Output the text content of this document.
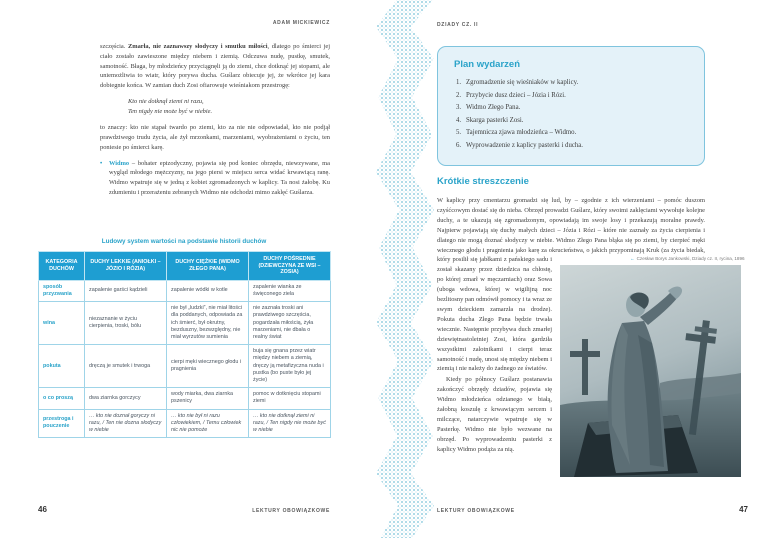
ADAM MICKIEWICZ

szczęścia. Zmarła, nie zaznawszy słodyczy i smutku miłości, dlatego po śmierci jej ciało zostało zawieszone między niebem i ziemią. Odczuwa nudę, pustkę, smutek, samotność. Błaga, by młodzieńcy przyciągnęli ją do ziemi, chce dotknąć jej stopami, ale uniemożliwia to wiatr, który porywa ducha. Guślarz obiecuje jej, że wkrótce jej kara dobiegnie końca. W zamian duch Zosi ofiarowuje wieśniakom przestrogę:

Kto nie dotknął ziemi ni razu,
Ten nigdy nie może być w niebie.

to znaczy: kto nie stąpał twardo po ziemi, kto za nie nie odpowiadał, kto nie podjął prawdziwego trudu życia, ale żył mrzonkami, marzeniami, wyobrażeniami o życiu, ten poniesie po śmierci karę.

•	Widmo – bohater epizodyczny, pojawia się pod koniec obrzędu, niewzywane, ma wygląd młodego mężczyzny, na jego piersi w miejscu serca widać krwawiącą ranę. Widmo wpatruje się w jedną z kobiet zgromadzonych w kaplicy. Ta nosi żałobę. Ku zdumieniu i przerażeniu zebranych Widmo nie odchodzi mimo zaklęć Guślarza.
Ludowy system wartości na podstawie historii duchów
KATEGORIA DUCHÓW	DUCHY LEKKIE (ANIOŁKI – JÓZIO I RÓZIA)	DUCHY CIĘŻKIE (WIDMO ZŁEGO PANA)	DUCHY POŚREDNIE (DZIEWCZYNA ZE WSI – ZOSIA)
sposób przyzwania	zapalenie garści kądzieli	zapalenie wódki w kotle	zapalenie wianka ze święconego ziela
wina	niezaznanie w życiu cierpienia, troski, bólu	nie był „ludzki”, nie miał litości dla poddanych, odpowiada za ich śmierć, był okrutny, bezduszny, bezwzględny, nie miał wyrzutów sumienia	nie zaznała troski ani prawdziwego szczęścia, pogardzała miłością, żyła marzeniami, nie dbała o realny świat
pokuta	dręczą je smutek i trwoga	cierpi męki wiecznego głodu i pragnienia	buja się gnana przez wiatr między niebem a ziemią, dręczy ją metafizyczna nuda i pustka (bo puste było jej życie)
o co proszą	dwa ziarnka gorczycy	wody miarka, dwa ziarnka pszenicy	pomoc w dotknięciu stopami ziemi
przestroga i pouczenie	… kto nie doznał goryczy ni razu, / Ten nie dozna słodyczy w niebie	… kto nie był ni razu człowiekiem, / Temu człowiek nic nie pomoże	… kto nie dotknął ziemi ni razu, / Ten nigdy nie może być w niebie
46	LEKTURY OBOWIĄZKOWE
DZIADY CZ. II
Plan wydarzeń
1. Zgromadzenie się wieśniaków w kaplicy.
2. Przybycie dusz dzieci – Józia i Rózi.
3. Widmo Złego Pana.
4. Skarga pasterki Zosi.
5. Tajemnicza zjawa młodzieńca – Widmo.
6. Wyprowadzenie z kaplicy pasterki i ducha.
Krótkie streszczenie
W kaplicy przy cmentarzu gromadzi się lud, by – zgodnie z ich wierzeniami – pomóc duszom czyśćcowym dostać się do nieba. Obrzęd prowadzi Guślarz, który swoimi zaklęciami wywołuje kolejne duchy, a te ukazują się zgromadzonym, opowiadają im swoje losy i przekazują moralne prawdy. Najpierw pojawiają się duchy małych dzieci – Józia i Rózi – które nie zaznały za życia cierpienia i dlatego nie mogą doznać słodyczy w niebie. Widmo Złego Pana błąka się po ziemi, by cierpieć męki wiecznego głodu i pragnienia jako karę za okrucieństwa, o jakich przypominają
← Czesław Borys Jankowski, Dziady cz. II, rycina, 1896
Kruk (za życia biedak, który posilił się jabłkami z pańskiego sadu i został skazany przez dziedzica na chłostę, po której zmarł w męczarniach) oraz Sowa (uboga wdowa, której w wigilijną noc bezlitosny pan odmówił pomocy i ta wraz ze swym dzieckiem zamarzła na drodze). Pokuta ducha Złego Pana będzie trwała wiecznie. Następnie przybywa duch zmarłej dziewiętnastoletniej Zosi, która gardziła wszystkimi zalotnikami i cierpi teraz samotność i nudę, unosi się między niebem i ziemią i nie należy do żadnego ze światów.
Kiedy po północy Guślarz postanawia zakończyć obrzędy dziadów, pojawia się Widmo młodzieńca odzianego w białą, żałobną koszulę z krwawiącym sercem i milczące, natarczywie wpatruje się w Pasterkę. Widmo nie było wezwane na obrzęd. Po wyprowadzeniu pasterki z kaplicy Widmo podąża za nią.
LEKTURY OBOWIĄZKOWE	47
